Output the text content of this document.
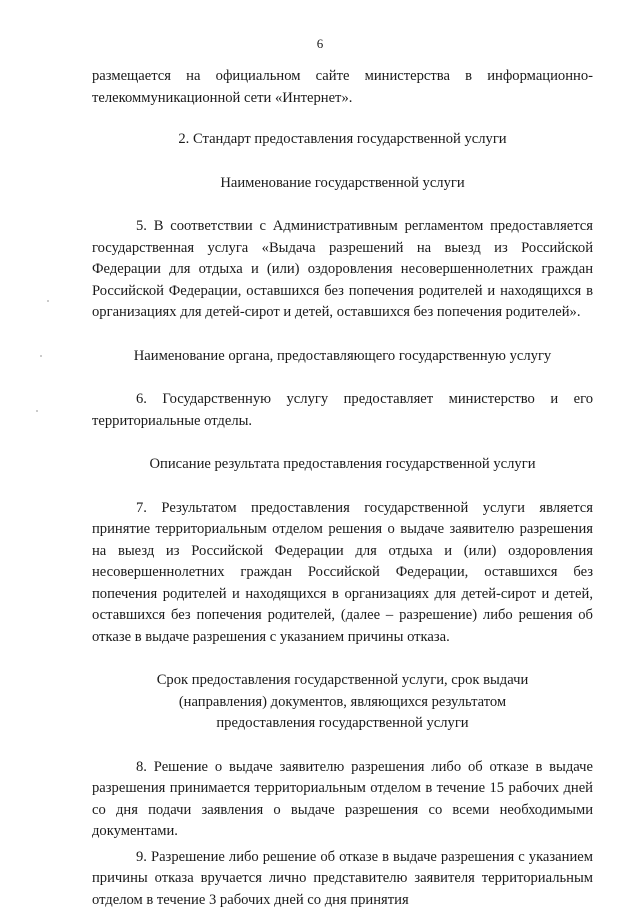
6

размещается на официальном сайте министерства в информационно-телекоммуникационной сети «Интернет».

2. Стандарт предоставления государственной услуги

Наименование государственной услуги

5. В соответствии с Административным регламентом предоставляется государственная услуга «Выдача разрешений на выезд из Российской Федерации для отдыха и (или) оздоровления несовершеннолетних граждан Российской Федерации, оставшихся без попечения родителей и находящихся в организациях для детей-сирот и детей, оставшихся без попечения родителей».

Наименование органа, предоставляющего государственную услугу

6. Государственную услугу предоставляет министерство и его территориальные отделы.

Описание результата предоставления государственной услуги

7. Результатом предоставления государственной услуги является принятие территориальным отделом решения о выдаче заявителю разрешения на выезд из Российской Федерации для отдыха и (или) оздоровления несовершеннолетних граждан Российской Федерации, оставшихся без попечения родителей и находящихся в организациях для детей-сирот и детей, оставшихся без попечения родителей, (далее – разрешение) либо решения об отказе в выдаче разрешения с указанием причины отказа.

Срок предоставления государственной услуги, срок выдачи

(направления) документов, являющихся результатом

предоставления государственной услуги

8. Решение о выдаче заявителю разрешения либо об отказе в выдаче разрешения принимается территориальным отделом в течение 15 рабочих дней со дня подачи заявления о выдаче разрешения со всеми необходимыми документами.

9. Разрешение либо решение об отказе в выдаче разрешения с указанием причины отказа вручается лично представителю заявителя территориальным отделом в течение 3 рабочих дней со дня принятия
